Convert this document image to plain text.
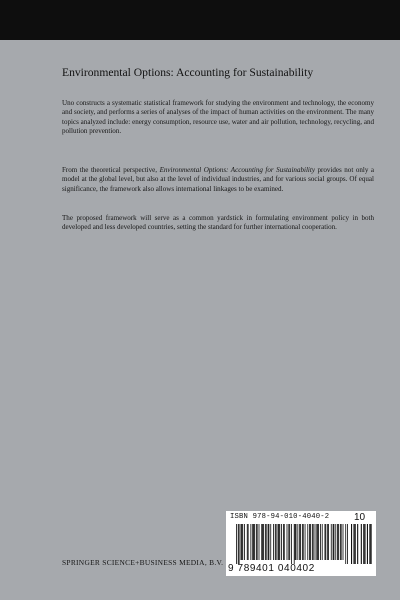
Environmental Options: Accounting for Sustainability

Uno constructs a systematic statistical framework for studying the environment and technology, the economy and society, and performs a series of analyses of the impact of human activities on the environment. The many topics analyzed include: energy consumption, resource use, water and air pollution, technology, recycling, and pollution prevention.

From the theoretical perspective, Environmental Options: Accounting for Sustainability provides not only a model at the global level, but also at the level of individual industries, and for various social groups. Of equal significance, the framework also allows international linkages to be examined.

The proposed framework will serve as a common yardstick in formulating environment policy in both developed and less developed countries, setting the standard for further international cooperation.

ISBN 978-94-010-4040-2 10
9 789401 040402
SPRINGER SCIENCE+BUSINESS MEDIA, B.V.
